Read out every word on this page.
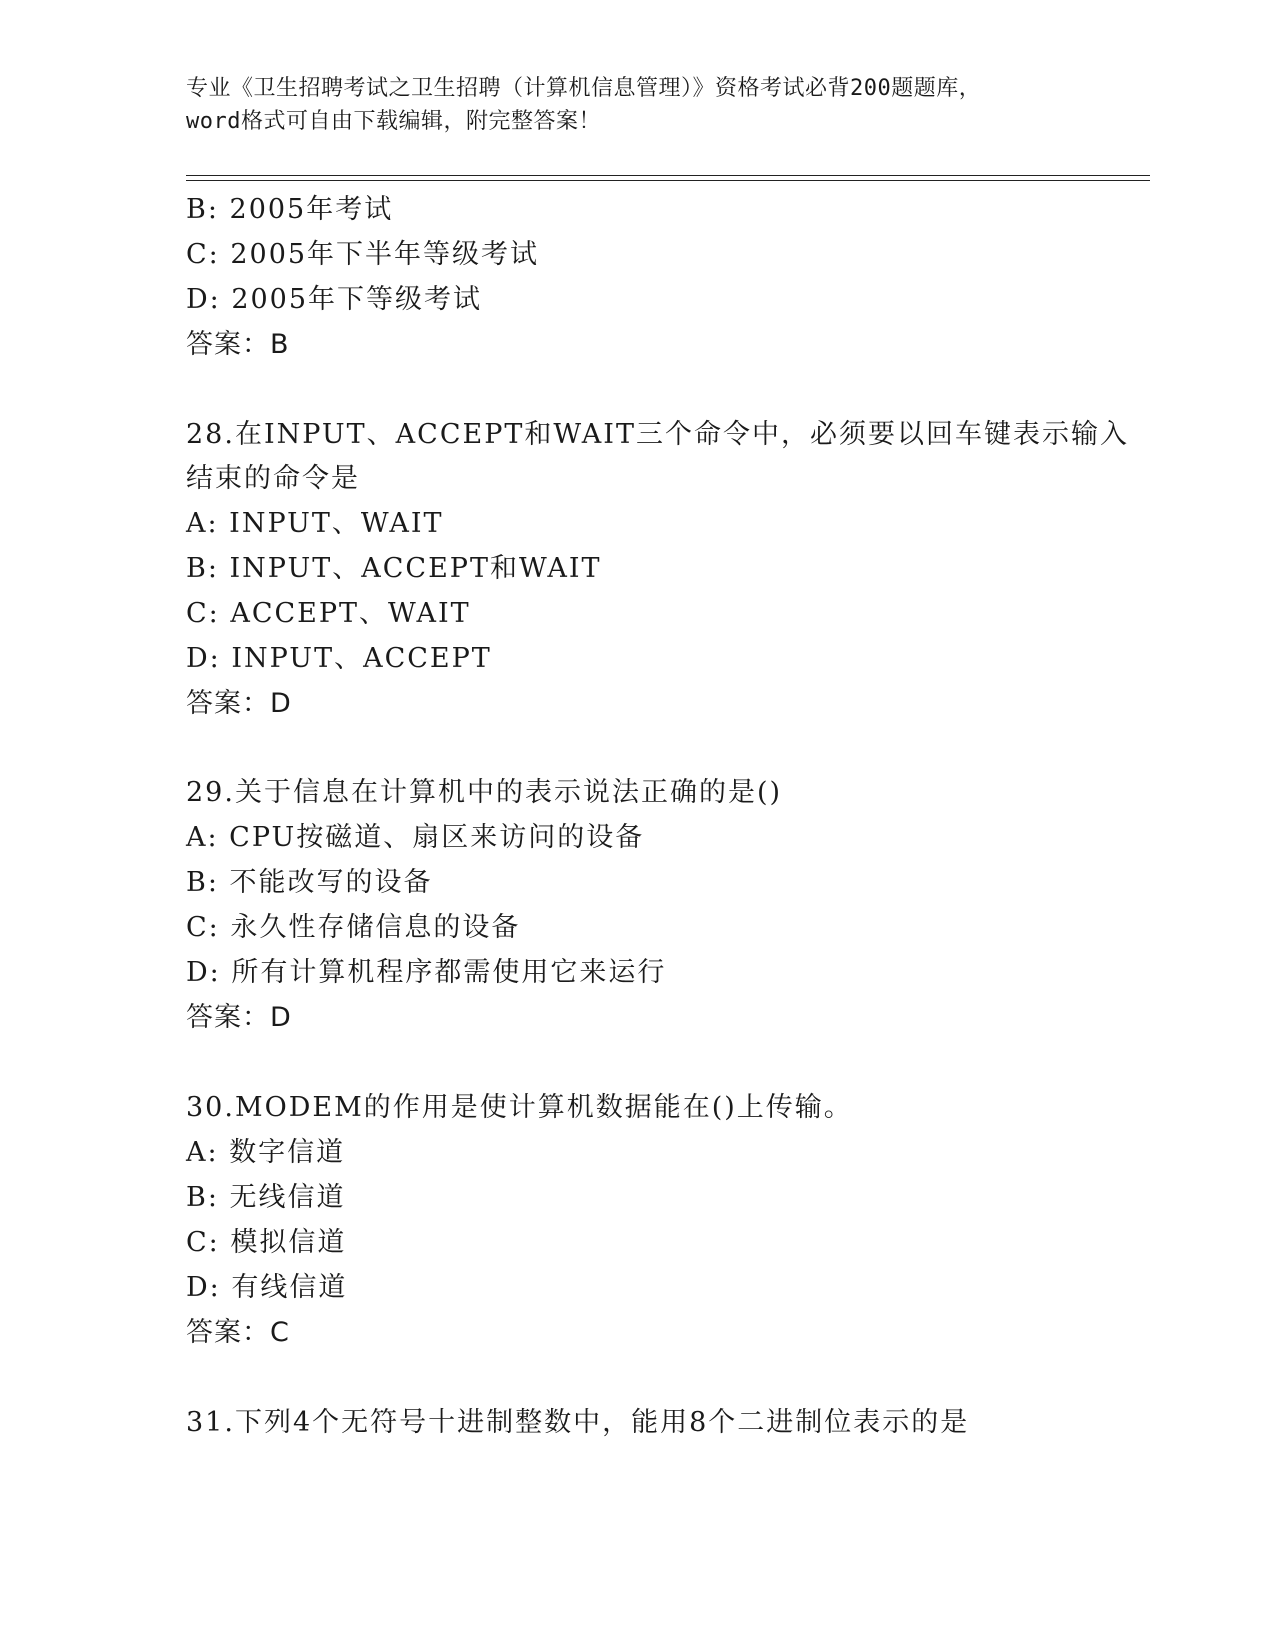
专业《卫生招聘考试之卫生招聘（计算机信息管理）》资格考试必背200题题库，
word格式可自由下载编辑，附完整答案！
B: 2005年考试
C: 2005年下半年等级考试
D: 2005年下等级考试
答案：B
28.在INPUT、ACCEPT和WAIT三个命令中，必须要以回车键表示输入
结束的命令是
A: INPUT、WAIT
B: INPUT、ACCEPT和WAIT
C: ACCEPT、WAIT
D: INPUT、ACCEPT
答案：D
29.关于信息在计算机中的表示说法正确的是()
A: CPU按磁道、扇区来访问的设备
B: 不能改写的设备
C: 永久性存储信息的设备
D: 所有计算机程序都需使用它来运行
答案：D
30.MODEM的作用是使计算机数据能在()上传输。
A: 数字信道
B: 无线信道
C: 模拟信道
D: 有线信道
答案：C
31.下列4个无符号十进制整数中，能用8个二进制位表示的是
